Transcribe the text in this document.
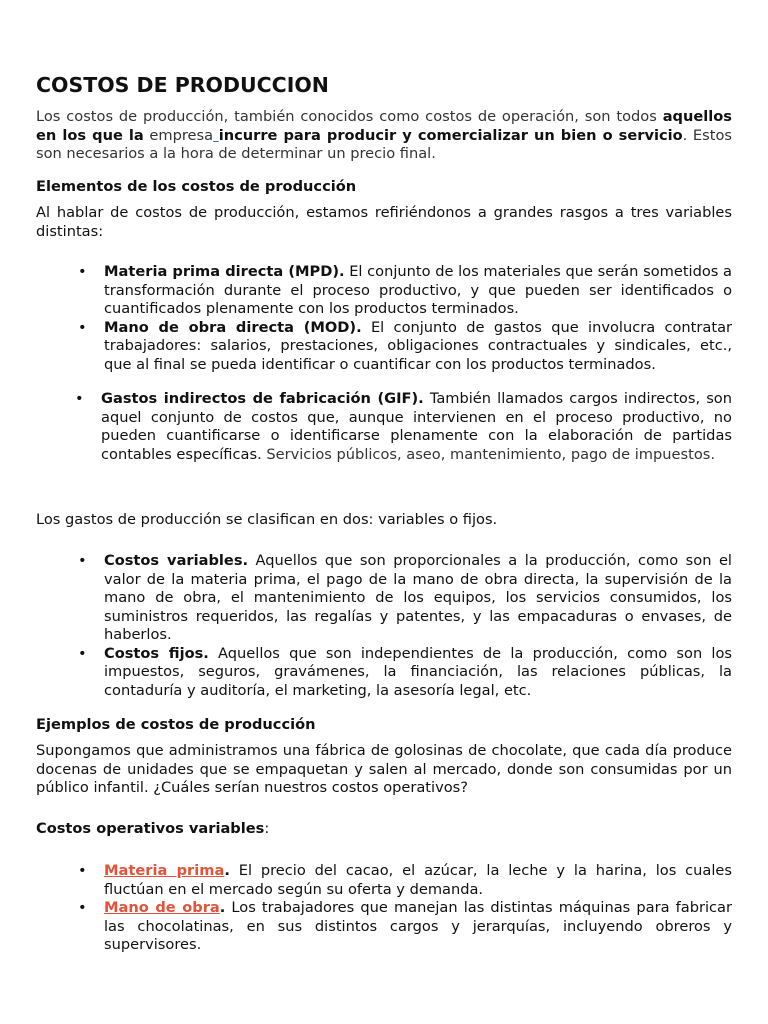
COSTOS DE PRODUCCION

Los costos de producción, también conocidos como costos de operación, son todos aquellos en los que la empresa incurre para producir y comercializar un bien o servicio. Estos son necesarios a la hora de determinar un precio final.

Elementos de los costos de producción

Al hablar de costos de producción, estamos refiriéndonos a grandes rasgos a tres variables distintas:

• Materia prima directa (MPD). El conjunto de los materiales que serán sometidos a transformación durante el proceso productivo, y que pueden ser identificados o cuantificados plenamente con los productos terminados.
• Mano de obra directa (MOD). El conjunto de gastos que involucra contratar trabajadores: salarios, prestaciones, obligaciones contractuales y sindicales, etc., que al final se pueda identificar o cuantificar con los productos terminados.
• Gastos indirectos de fabricación (GIF). También llamados cargos indirectos, son aquel conjunto de costos que, aunque intervienen en el proceso productivo, no pueden cuantificarse o identificarse plenamente con la elaboración de partidas contables específicas. Servicios públicos, aseo, mantenimiento, pago de impuestos.

Los gastos de producción se clasifican en dos: variables o fijos.

• Costos variables. Aquellos que son proporcionales a la producción, como son el valor de la materia prima, el pago de la mano de obra directa, la supervisión de la mano de obra, el mantenimiento de los equipos, los servicios consumidos, los suministros requeridos, las regalías y patentes, y las empacaduras o envases, de haberlos.
• Costos fijos. Aquellos que son independientes de la producción, como son los impuestos, seguros, gravámenes, la financiación, las relaciones públicas, la contaduría y auditoría, el marketing, la asesoría legal, etc.

Ejemplos de costos de producción

Supongamos que administramos una fábrica de golosinas de chocolate, que cada día produce docenas de unidades que se empaquetan y salen al mercado, donde son consumidas por un público infantil. ¿Cuáles serían nuestros costos operativos?

Costos operativos variables:

• Materia prima. El precio del cacao, el azúcar, la leche y la harina, los cuales fluctúan en el mercado según su oferta y demanda.
• Mano de obra. Los trabajadores que manejan las distintas máquinas para fabricar las chocolatinas, en sus distintos cargos y jerarquías, incluyendo obreros y supervisores.
